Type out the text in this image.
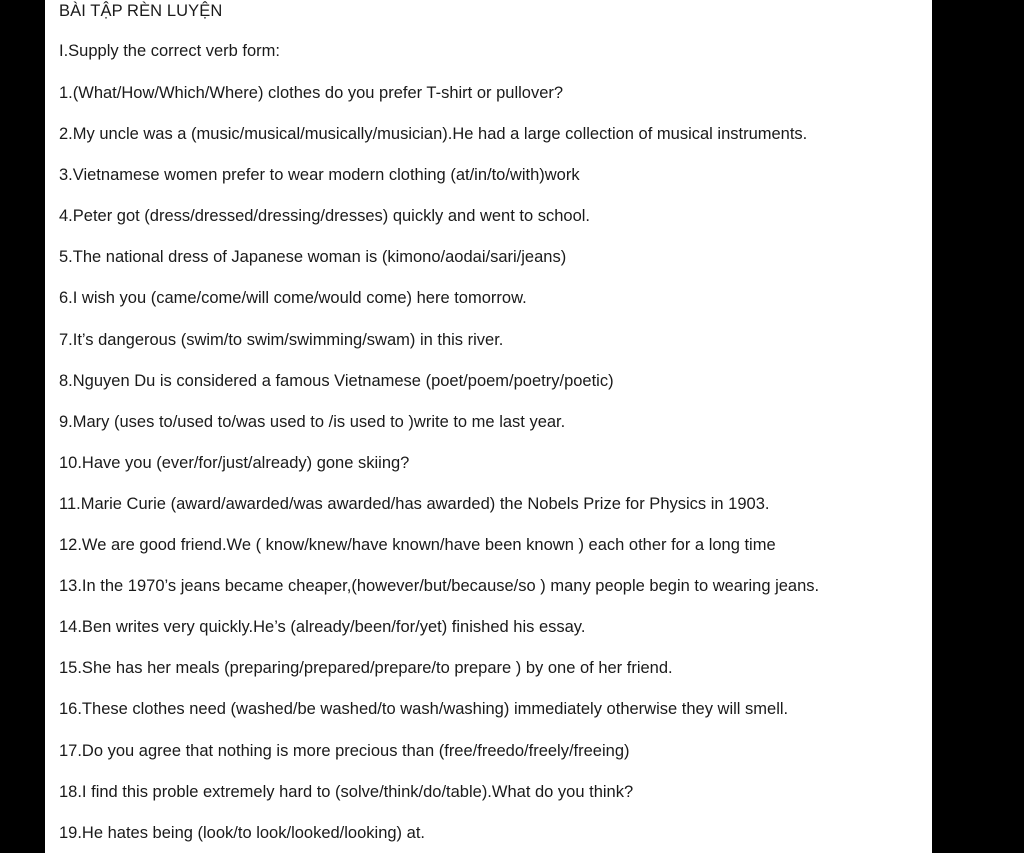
BÀI TẬP RÈN LUYỆN
I.Supply the correct verb form:
1.(What/How/Which/Where) clothes do you prefer T-shirt or pullover?
2.My uncle was a (music/musical/musically/musician).He had a large collection of musical instruments.
3.Vietnamese women prefer to wear modern clothing (at/in/to/with)work
4.Peter got (dress/dressed/dressing/dresses) quickly and went to school.
5.The national dress of Japanese woman is (kimono/aodai/sari/jeans)
6.I wish you (came/come/will come/would come) here tomorrow.
7.It’s dangerous (swim/to swim/swimming/swam) in this river.
8.Nguyen Du is considered a famous Vietnamese (poet/poem/poetry/poetic)
9.Mary (uses to/used to/was used to /is used to )write to me last year.
10.Have you (ever/for/just/already) gone skiing?
11.Marie Curie (award/awarded/was awarded/has awarded) the Nobels Prize for Physics in 1903.
12.We are good friend.We ( know/knew/have known/have been known ) each other for a long time
13.In the 1970’s jeans became cheaper,(however/but/because/so ) many people begin to wearing jeans.
14.Ben writes very quickly.He’s (already/been/for/yet) finished his essay.
15.She has her meals (preparing/prepared/prepare/to prepare ) by one of her friend.
16.These clothes need (washed/be washed/to wash/washing) immediately otherwise they will smell.
17.Do you agree that nothing is more precious than (free/freedo/freely/freeing)
18.I find this proble extremely hard to (solve/think/do/table).What do you think?
19.He hates being (look/to look/looked/looking) at.
